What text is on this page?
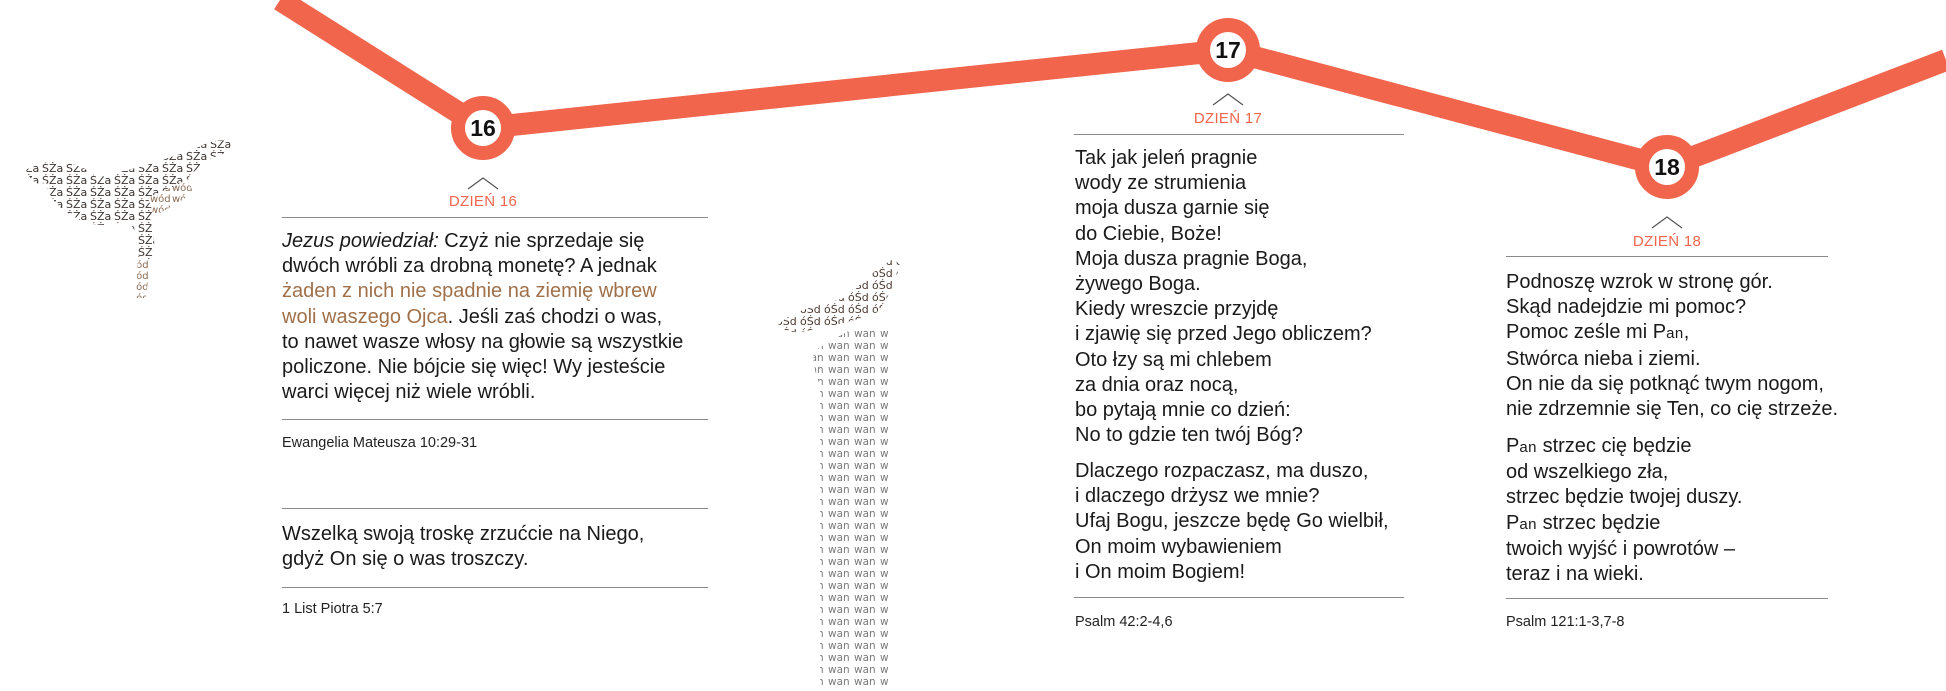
16
17
18
DZIEŃ 16
DZIEŃ 17
DZIEŃ 18
Jezus powiedział: Czyż nie sprzedaje się
dwóch wróbli za drobną monetę? A jednak
żaden z nich nie spadnie na ziemię wbrew
woli waszego Ojca. Jeśli zaś chodzi o was,
to nawet wasze włosy na głowie są wszystkie
policzone. Nie bójcie się więc! Wy jesteście
warci więcej niż wiele wróbli.
Ewangelia Mateusza 10:29-31
Wszelką swoją troskę zrzućcie na Niego,
gdyż On się o was troszczy.
1 List Piotra 5:7
Tak jak jeleń pragnie
wody ze strumienia
moja dusza garnie się
do Ciebie, Boże!
Moja dusza pragnie Boga,
żywego Boga.
Kiedy wreszcie przyjdę
i zjawię się przed Jego obliczem?
Oto łzy są mi chlebem
za dnia oraz nocą,
bo pytają mnie co dzień:
No to gdzie ten twój Bóg?
Dlaczego rozpaczasz, ma duszo,
i dlaczego drżysz we mnie?
Ufaj Bogu, jeszcze będę Go wielbił,
On moim wybawieniem
i On moim Bogiem!
Psalm 42:2-4,6
Podnoszę wzrok w stronę gór.
Skąd nadejdzie mi pomoc?
Pomoc ześle mi Pan,
Stwórca nieba i ziemi.
On nie da się potknąć twym nogom,
nie zdrzemnie się Ten, co cię strzeże.
Pan strzec cię będzie
od wszelkiego zła,
strzec będzie twojej duszy.
Pan strzec będzie
twoich wyjść i powrotów –
teraz i na wieki.
Psalm 121:1-3,7-8
